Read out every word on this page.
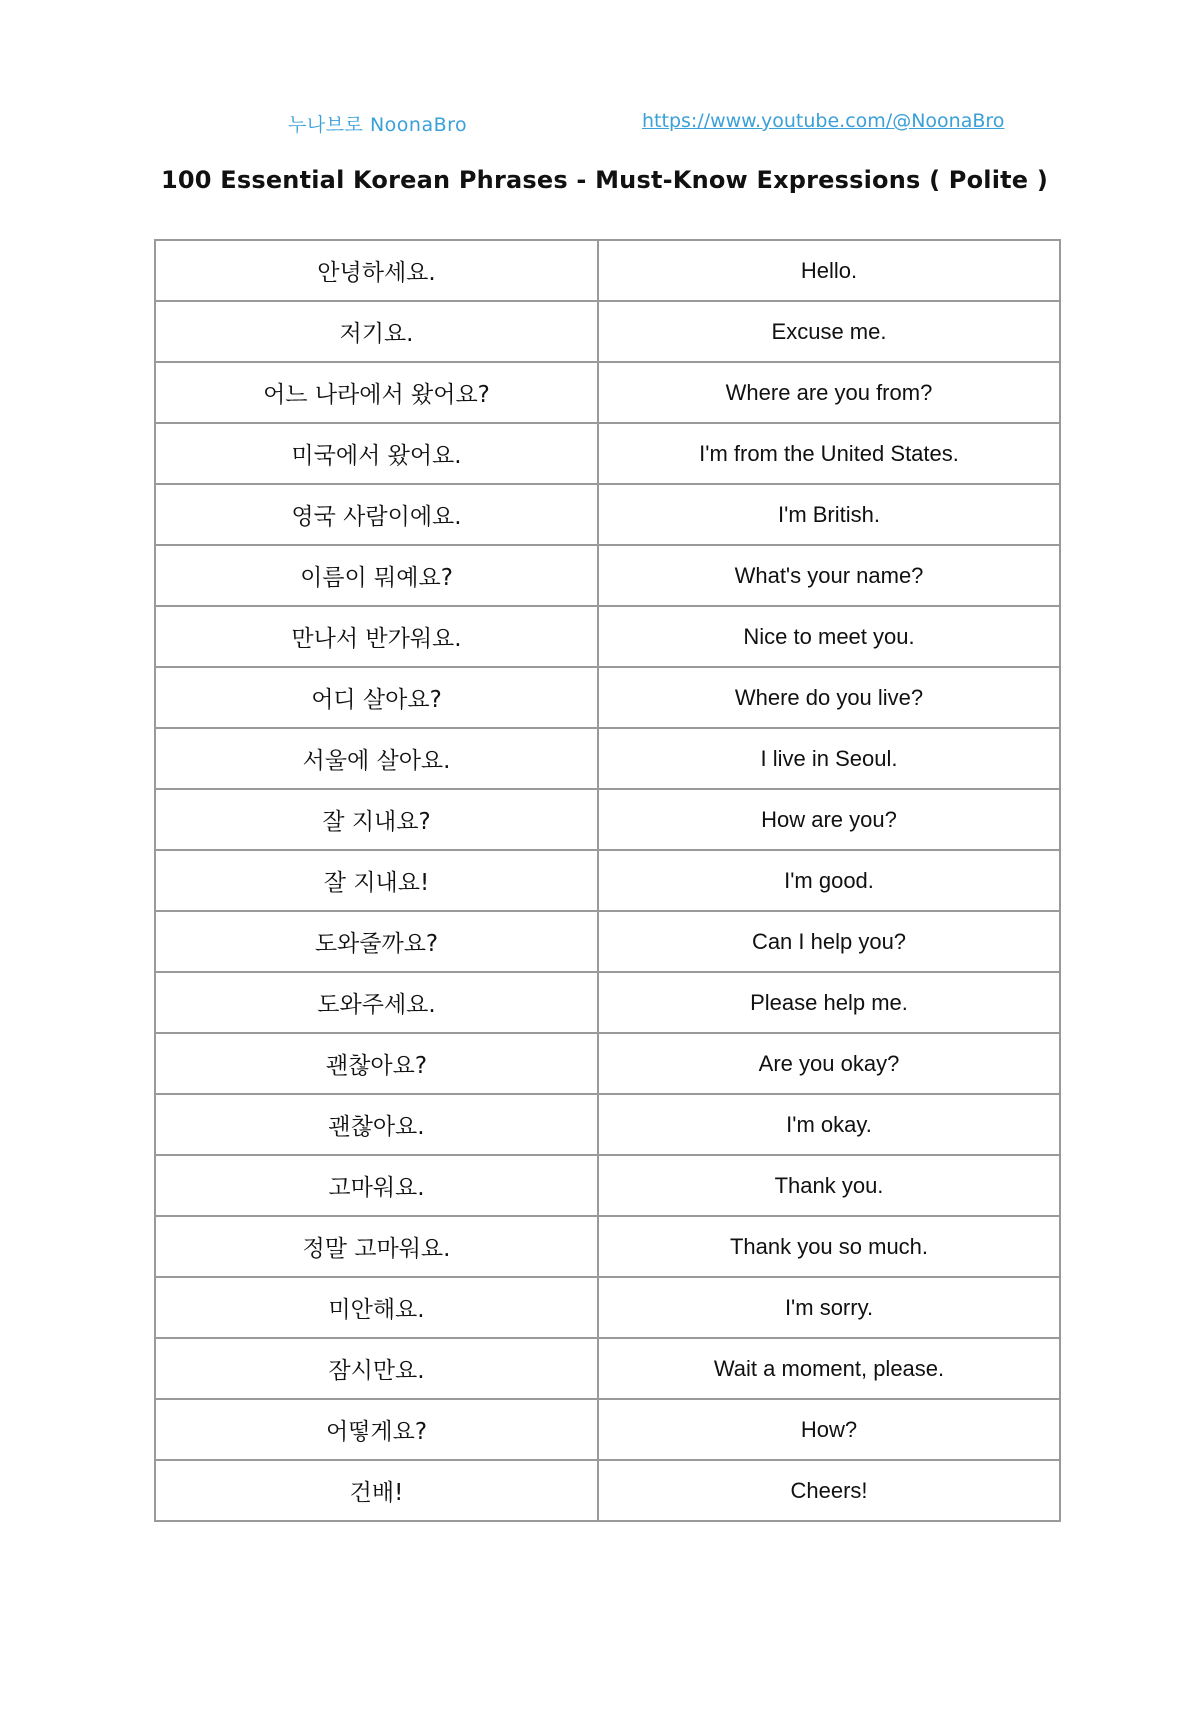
누나브로 NoonaBro	https://www.youtube.com/@NoonaBro
100 Essential Korean Phrases - Must-Know Expressions ( Polite )
안녕하세요.	Hello.
저기요.	Excuse me.
어느 나라에서 왔어요?	Where are you from?
미국에서 왔어요.	I'm from the United States.
영국 사람이에요.	I'm British.
이름이 뭐예요?	What's your name?
만나서 반가워요.	Nice to meet you.
어디 살아요?	Where do you live?
서울에 살아요.	I live in Seoul.
잘 지내요?	How are you?
잘 지내요!	I'm good.
도와줄까요?	Can I help you?
도와주세요.	Please help me.
괜찮아요?	Are you okay?
괜찮아요.	I'm okay.
고마워요.	Thank you.
정말 고마워요.	Thank you so much.
미안해요.	I'm sorry.
잠시만요.	Wait a moment, please.
어떻게요?	How?
건배!	Cheers!
